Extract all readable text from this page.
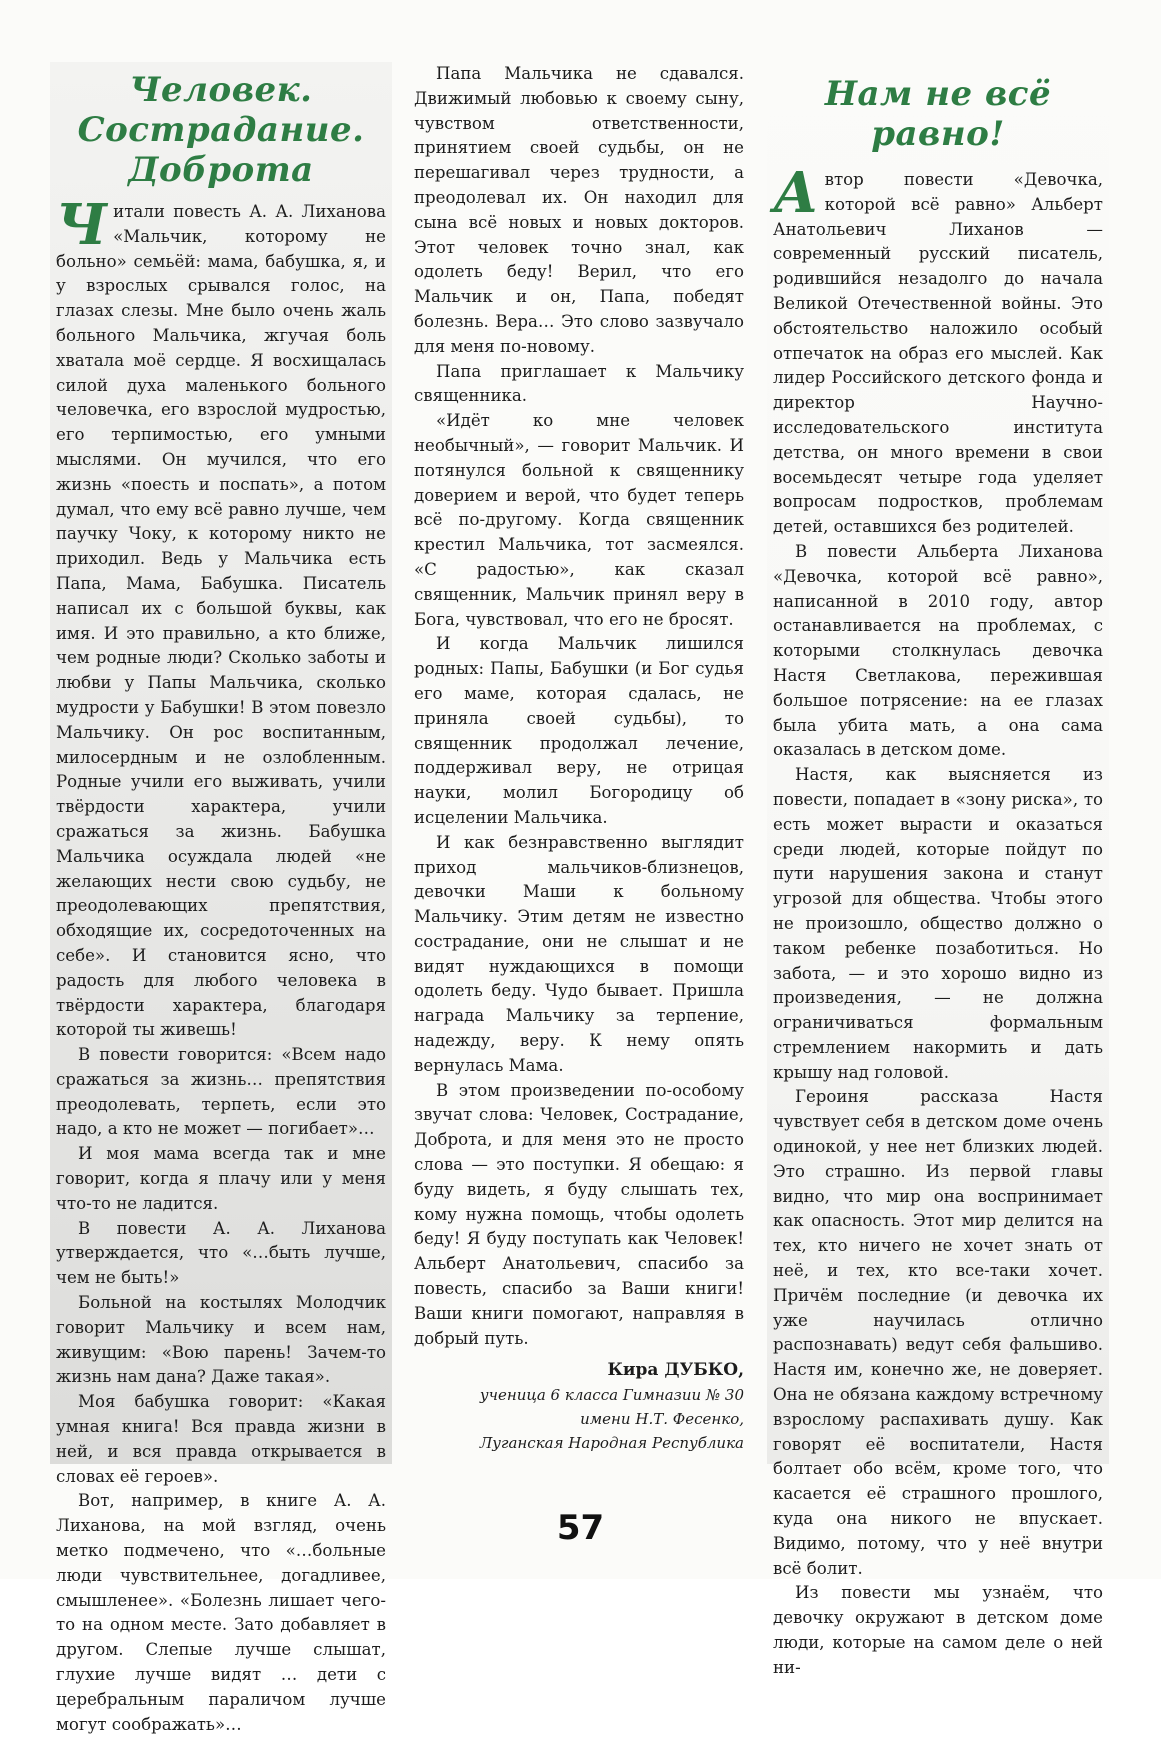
Человек. Сострадание. Доброта

Читали повесть А. А. Лиханова «Мальчик, которому не больно» семьёй: мама, бабушка, я, и у взрослых срывался голос, на глазах слезы. Мне было очень жаль больного Мальчика, жгучая боль хватала моё сердце. Я восхищалась силой духа маленького больного человечка, его взрослой мудростью, его терпимостью, его умными мыслями. Он мучился, что его жизнь «поесть и поспать», а потом думал, что ему всё равно лучше, чем паучку Чоку, к которому никто не приходил. Ведь у Мальчика есть Папа, Мама, Бабушка. Писатель написал их с большой буквы, как имя. И это правильно, а кто ближе, чем родные люди? Сколько заботы и любви у Папы Мальчика, сколько мудрости у Бабушки! В этом повезло Мальчику. Он рос воспитанным, милосердным и не озлобленным. Родные учили его выживать, учили твёрдости характера, учили сражаться за жизнь. Бабушка Мальчика осуждала людей «не желающих нести свою судьбу, не преодолевающих препятствия, обходящие их, сосредоточенных на себе». И становится ясно, что радость для любого человека в твёрдости характера, благодаря которой ты живешь!

В повести говорится: «Всем надо сражаться за жизнь… препятствия преодолевать, терпеть, если это надо, а кто не может — погибает»…

И моя мама всегда так и мне говорит, когда я плачу или у меня что-то не ладится.

В повести А. А. Лиханова утверждается, что «…быть лучше, чем не быть!»

Больной на костылях Молодчик говорит Мальчику и всем нам, живущим: «Вою парень! Зачем-то жизнь нам дана? Даже такая».

Моя бабушка говорит: «Какая умная книга! Вся правда жизни в ней, и вся правда открывается в словах её героев».

Вот, например, в книге А. А. Лиханова, на мой взгляд, очень метко подмечено, что «…больные люди чувствительнее, догадливее, смышленее». «Болезнь лишает чего-то на одном месте. Зато добавляет в другом. Слепые лучше слышат, глухие лучше видят … дети с церебральным параличом лучше могут соображать»…

Папа Мальчика не сдавался. Движимый любовью к своему сыну, чувством ответственности, принятием своей судьбы, он не перешагивал через трудности, а преодолевал их. Он находил для сына всё новых и новых докторов. Этот человек точно знал, как одолеть беду! Верил, что его Мальчик и он, Папа, победят болезнь. Вера… Это слово зазвучало для меня по-новому.

Папа приглашает к Мальчику священника.

«Идёт ко мне человек необычный», — говорит Мальчик. И потянулся больной к священнику доверием и верой, что будет теперь всё по-другому. Когда священник крестил Мальчика, тот засмеялся. «С радостью», как сказал священник, Мальчик принял веру в Бога, чувствовал, что его не бросят.

И когда Мальчик лишился родных: Папы, Бабушки (и Бог судья его маме, которая сдалась, не приняла своей судьбы), то священник продолжал лечение, поддерживал веру, не отрицая науки, молил Богородицу об исцелении Мальчика.

И как безнравственно выглядит приход мальчиков-близнецов, девочки Маши к больному Мальчику. Этим детям не известно сострадание, они не слышат и не видят нуждающихся в помощи одолеть беду. Чудо бывает. Пришла награда Мальчику за терпение, надежду, веру. К нему опять вернулась Мама.

В этом произведении по-особому звучат слова: Человек, Сострадание, Доброта, и для меня это не просто слова — это поступки. Я обещаю: я буду видеть, я буду слышать тех, кому нужна помощь, чтобы одолеть беду! Я буду поступать как Человек! Альберт Анатольевич, спасибо за повесть, спасибо за Ваши книги! Ваши книги помогают, направляя в добрый путь.

Кира ДУБКО,
ученица 6 класса Гимназии № 30
имени Н.Т. Фесенко,
Луганская Народная Республика
Нам не всё равно!

Автор повести «Девочка, которой всё равно» Альберт Анатольевич Лиханов — современный русский писатель, родившийся незадолго до начала Великой Отечественной войны. Это обстоятельство наложило особый отпечаток на образ его мыслей. Как лидер Российского детского фонда и директор Научно-исследовательского института детства, он много времени в свои восемьдесят четыре года уделяет вопросам подростков, проблемам детей, оставшихся без родителей.

В повести Альберта Лиханова «Девочка, которой всё равно», написанной в 2010 году, автор останавливается на проблемах, с которыми столкнулась девочка Настя Светлакова, пережившая большое потрясение: на ее глазах была убита мать, а она сама оказалась в детском доме.

Настя, как выясняется из повести, попадает в «зону риска», то есть может вырасти и оказаться среди людей, которые пойдут по пути нарушения закона и станут угрозой для общества. Чтобы этого не произошло, общество должно о таком ребенке позаботиться. Но забота, — и это хорошо видно из произведения, — не должна ограничиваться формальным стремлением накормить и дать крышу над головой.

Героиня рассказа Настя чувствует себя в детском доме очень одинокой, у нее нет близких людей. Это страшно. Из первой главы видно, что мир она воспринимает как опасность. Этот мир делится на тех, кто ничего не хочет знать от неё, и тех, кто все-таки хочет. Причём последние (и девочка их уже научилась отлично распознавать) ведут себя фальшиво. Настя им, конечно же, не доверяет. Она не обязана каждому встречному взрослому распахивать душу. Как говорят её воспитатели, Настя болтает обо всём, кроме того, что касается её страшного прошлого, куда она никого не впускает. Видимо, потому, что у неё внутри всё болит.

Из повести мы узнаём, что девочку окружают в детском доме люди, которые на самом деле о ней ни-

57
